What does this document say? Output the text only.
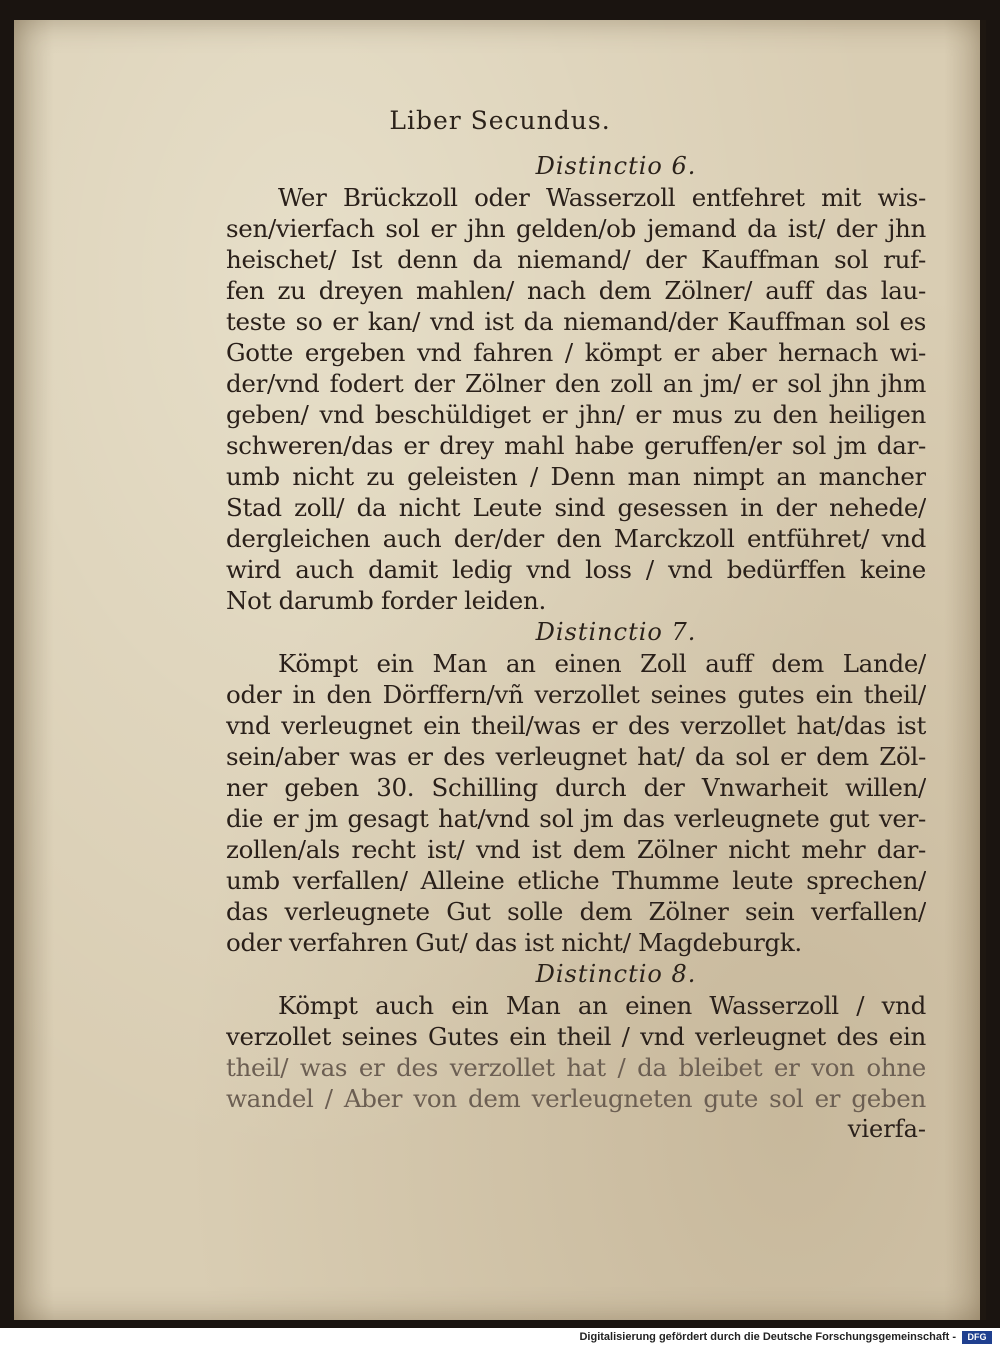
Liber Secundus.
Distinctio 6.
Wer Brückzoll oder Wasserzoll entfehret mit wis-
sen/vierfach sol er jhn gelden/ob jemand da ist/ der jhn
heischet/ Ist denn da niemand/ der Kauffman sol ruf-
fen zu dreyen mahlen/ nach dem Zölner/ auff das lau-
teste so er kan/ vnd ist da niemand/der Kauffman sol es
Gotte ergeben vnd fahren / kömpt er aber hernach wi-
der/vnd fodert der Zölner den zoll an jm/ er sol jhn jhm
geben/ vnd beschüldiget er jhn/ er mus zu den heiligen
schweren/das er drey mahl habe geruffen/er sol jm dar-
umb nicht zu geleisten / Denn man nimpt an mancher
Stad zoll/ da nicht Leute sind gesessen in der nehede/
dergleichen auch der/der den Marckzoll entführet/ vnd
wird auch damit ledig vnd loss / vnd bedürffen keine
Not darumb forder leiden.
Distinctio 7.
Kömpt ein Man an einen Zoll auff dem Lande/
oder in den Dörffern/vñ verzollet seines gutes ein theil/
vnd verleugnet ein theil/was er des verzollet hat/das ist
sein/aber was er des verleugnet hat/ da sol er dem Zöl-
ner geben 30. Schilling durch der Vnwarheit willen/
die er jm gesagt hat/vnd sol jm das verleugnete gut ver-
zollen/als recht ist/ vnd ist dem Zölner nicht mehr dar-
umb verfallen/ Alleine etliche Thumme leute sprechen/
das verleugnete Gut solle dem Zölner sein verfallen/
oder verfahren Gut/ das ist nicht/ Magdeburgk.
Distinctio 8.
Kömpt auch ein Man an einen Wasserzoll / vnd
verzollet seines Gutes ein theil / vnd verleugnet des ein
theil/ was er des verzollet hat / da bleibet er von ohne
wandel / Aber von dem verleugneten gute sol er geben
vierfa-
Digitalisierung gefördert durch die Deutsche Forschungsgemeinschaft -	DFG
